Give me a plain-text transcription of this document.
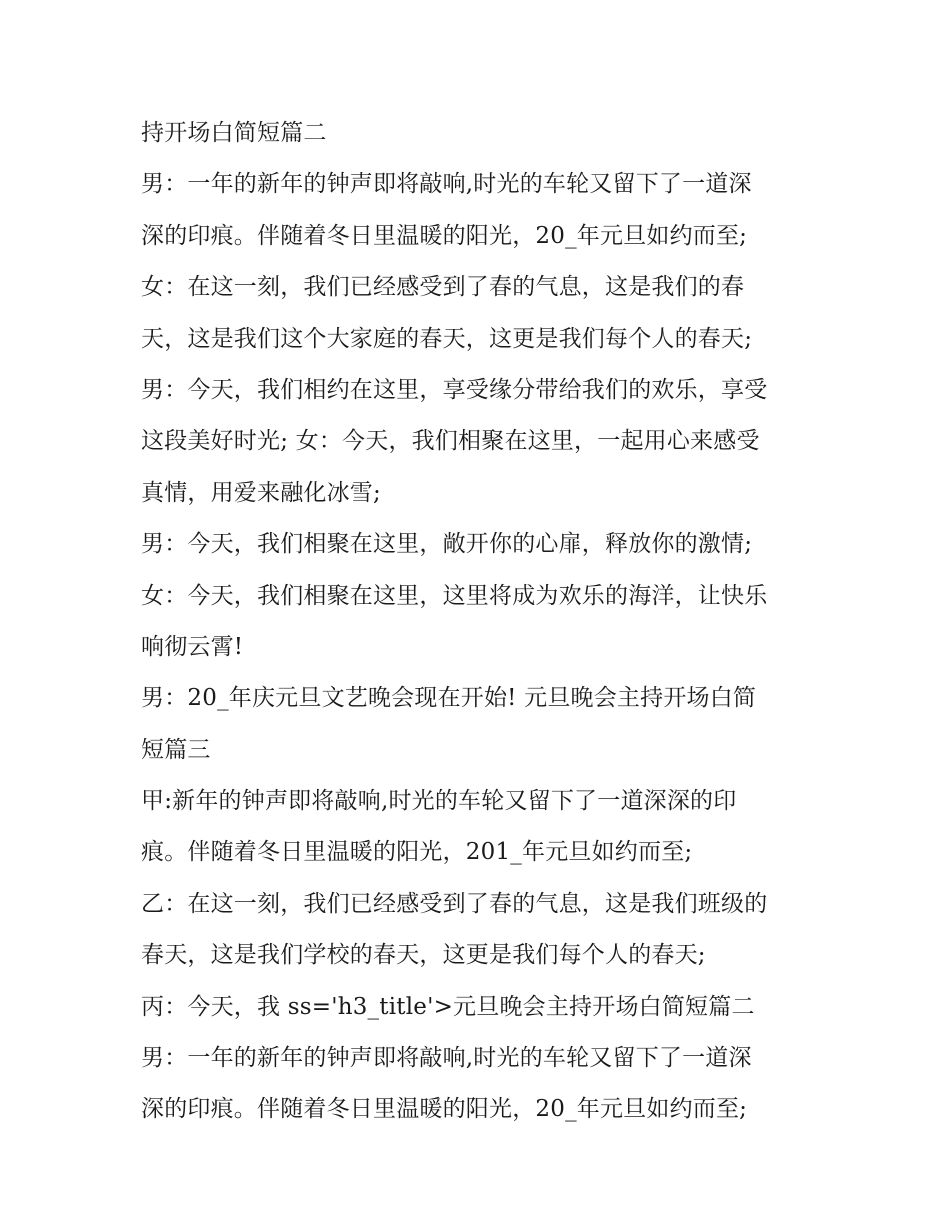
持开场白简短篇二
男：一年的新年的钟声即将敲响,时光的车轮又留下了一道深
深的印痕。伴随着冬日里温暖的阳光，20_年元旦如约而至;
女：在这一刻，我们已经感受到了春的气息，这是我们的春
天，这是我们这个大家庭的春天，这更是我们每个人的春天;
男：今天，我们相约在这里，享受缘分带给我们的欢乐，享受
这段美好时光; 女：今天，我们相聚在这里，一起用心来感受
真情，用爱来融化冰雪;
男：今天，我们相聚在这里，敞开你的心扉，释放你的激情;
女：今天，我们相聚在这里，这里将成为欢乐的海洋，让快乐
响彻云霄!
男：20_年庆元旦文艺晚会现在开始! 元旦晚会主持开场白简
短篇三
甲:新年的钟声即将敲响,时光的车轮又留下了一道深深的印
痕。伴随着冬日里温暖的阳光，201_年元旦如约而至;
乙：在这一刻，我们已经感受到了春的气息，这是我们班级的
春天，这是我们学校的春天，这更是我们每个人的春天;
丙：今天，我 ss='h3_title'>元旦晚会主持开场白简短篇二
男：一年的新年的钟声即将敲响,时光的车轮又留下了一道深
深的印痕。伴随着冬日里温暖的阳光，20_年元旦如约而至;
